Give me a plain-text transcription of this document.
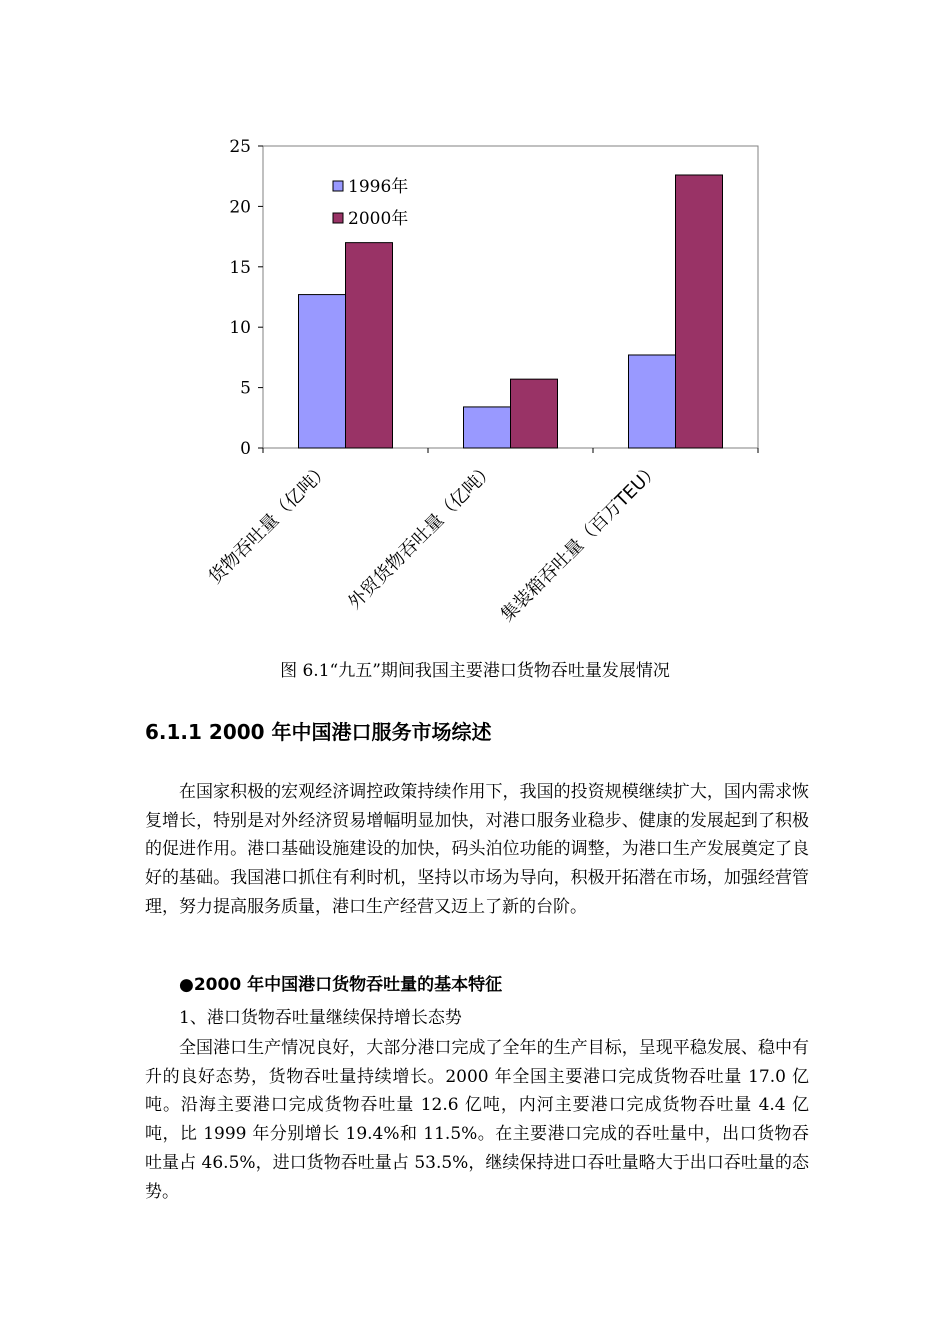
0
5
10
15
20
25
货物吞吐量（亿吨） 外贸货物吞吐量（亿吨）
集装箱吞吐量（百万TEU）
1996年
2000年
图 6.1“九五”期间我国主要港口货物吞吐量发展情况
6.1.1 2000 年中国港口服务市场综述

在国家积极的宏观经济调控政策持续作用下，我国的投资规模继续扩大，国内需求恢复增长，特别是对外经济贸易增幅明显加快，对港口服务业稳步、健康的发展起到了积极的促进作用。港口基础设施建设的加快，码头泊位功能的调整，为港口生产发展奠定了良好的基础。我国港口抓住有利时机，坚持以市场为导向，积极开拓潜在市场，加强经营管理，努力提高服务质量，港口生产经营又迈上了新的台阶。

●2000 年中国港口货物吞吐量的基本特征
1、港口货物吞吐量继续保持增长态势

全国港口生产情况良好，大部分港口完成了全年的生产目标，呈现平稳发展、稳中有升的良好态势，货物吞吐量持续增长。2000 年全国主要港口完成货物吞吐量 17.0 亿吨。沿海主要港口完成货物吞吐量 12.6 亿吨，内河主要港口完成货物吞吐量 4.4 亿吨，比 1999 年分别增长 19.4%和 11.5%。在主要港口完成的吞吐量中，出口货物吞吐量占 46.5%，进口货物吞吐量占 53.5%，继续保持进口吞吐量略大于出口吞吐量的态势。
